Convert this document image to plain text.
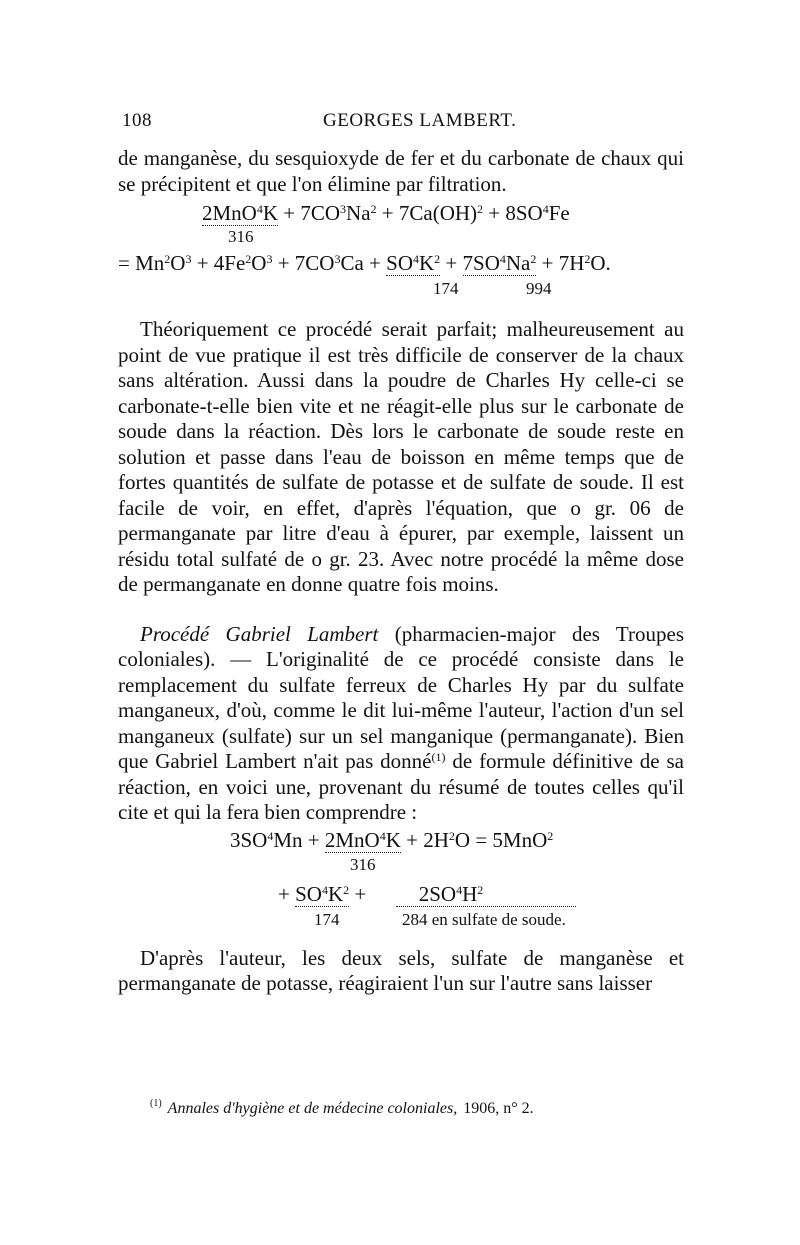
108	GEORGES LAMBERT.

de manganèse, du sesquioxyde de fer et du carbonate de chaux qui se précipitent et que l'on élimine par filtration.

$2MnO^4K + 7CO^3Na^2 + 7Ca(OH)^2 + 8SO^4Fe$
316
= $Mn^2O^3 + 4Fe^2O^3 + 7CO^3Ca + SO^4K^2 + 7SO^4Na^2 + 7H^2O$.
174	994

Théoriquement ce procédé serait parfait; malheureusement au point de vue pratique il est très difficile de conserver de la chaux sans altération. Aussi dans la poudre de Charles Hy celle-ci se carbonate-t-elle bien vite et ne réagit-elle plus sur le carbonate de soude dans la réaction. Dès lors le carbonate de soude reste en solution et passe dans l'eau de boisson en même temps que de fortes quantités de sulfate de potasse et de sulfate de soude. Il est facile de voir, en effet, d'après l'équation, que o gr. 06 de permanganate par litre d'eau à épurer, par exemple, laissent un résidu total sulfaté de o gr. 23. Avec notre procédé la même dose de permanganate en donne quatre fois moins.

Procédé Gabriel Lambert (pharmacien-major des Troupes coloniales). — L'originalité de ce procédé consiste dans le remplacement du sulfate ferreux de Charles Hy par du sulfate manganeux, d'où, comme le dit lui-même l'auteur, l'action d'un sel manganeux (sulfate) sur un sel manganique (permanganate). Bien que Gabriel Lambert n'ait pas donné$^{(1)}$ de formule définitive de sa réaction, en voici une, provenant du résumé de toutes celles qu'il cite et qui la fera bien comprendre :

$3SO^4Mn + 2MnO^4K + 2H^2O = 5MnO^2$
316
+ $SO^4K^2$ +          $2SO^4H^2$
174	284 en sulfate de soude.

D'après l'auteur, les deux sels, sulfate de manganèse et permanganate de potasse, réagiraient l'un sur l'autre sans laisser

$^{(1)}$ Annales d'hygiène et de médecine coloniales, 1906, n° 2.
